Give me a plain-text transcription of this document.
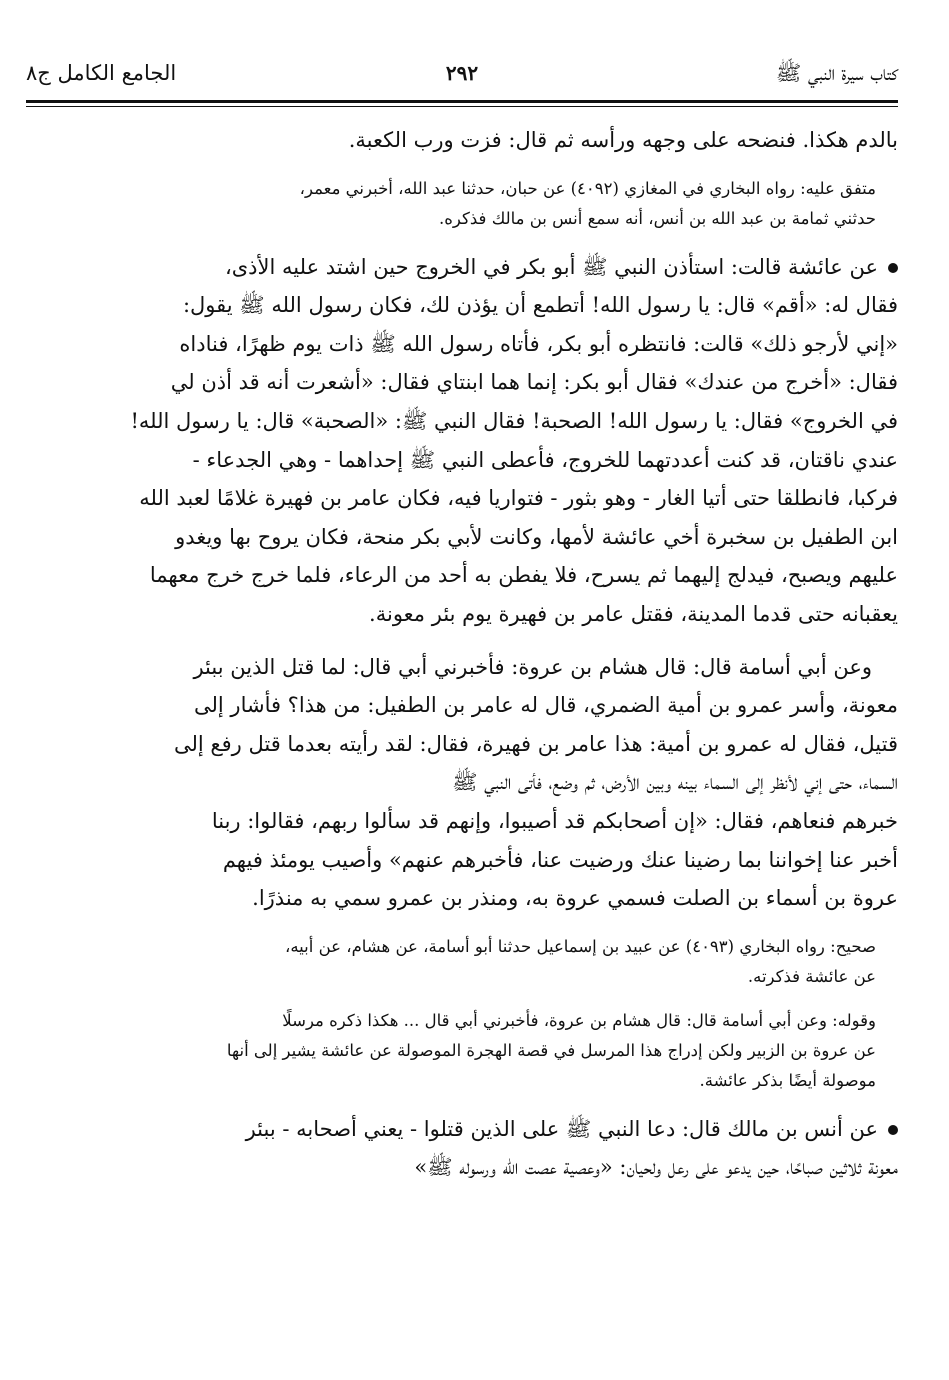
كتاب سيرة النبي ﷺ
٢٩٢
الجامع الكامل ج٨
بالدم هكذا. فنضحه على وجهه ورأسه ثم قال: فزت ورب الكعبة.
متفق عليه: رواه البخاري في المغازي (٤٠٩٢) عن حبان، حدثنا عبد الله، أخبرني معمر،
حدثني ثمامة بن عبد الله بن أنس، أنه سمع أنس بن مالك فذكره.
عن عائشة قالت: استأذن النبي ﷺ أبو بكر في الخروج حين اشتد عليه الأذى،
فقال له: «أقم» قال: يا رسول الله! أتطمع أن يؤذن لك، فكان رسول الله ﷺ يقول:
«إني لأرجو ذلك» قالت: فانتظره أبو بكر، فأتاه رسول الله ﷺ ذات يوم ظهرًا، فناداه
فقال: «أخرج من عندك» فقال أبو بكر: إنما هما ابنتاي فقال: «أشعرت أنه قد أذن لي
في الخروج» فقال: يا رسول الله! الصحبة! فقال النبي ﷺ: «الصحبة» قال: يا رسول الله!
عندي ناقتان، قد كنت أعددتهما للخروج، فأعطى النبي ﷺ إحداهما - وهي الجدعاء -
فركبا، فانطلقا حتى أتيا الغار - وهو بثور - فتواريا فيه، فكان عامر بن فهيرة غلامًا لعبد الله
ابن الطفيل بن سخبرة أخي عائشة لأمها، وكانت لأبي بكر منحة، فكان يروح بها ويغدو
عليهم ويصبح، فيدلج إليهما ثم يسرح، فلا يفطن به أحد من الرعاء، فلما خرج خرج معهما
يعقبانه حتى قدما المدينة، فقتل عامر بن فهيرة يوم بئر معونة.
وعن أبي أسامة قال: قال هشام بن عروة: فأخبرني أبي قال: لما قتل الذين ببئر
معونة، وأسر عمرو بن أمية الضمري، قال له عامر بن الطفيل: من هذا؟ فأشار إلى
قتيل، فقال له عمرو بن أمية: هذا عامر بن فهيرة، فقال: لقد رأيته بعدما قتل رفع إلى
السماء، حتى إني لأنظر إلى السماء بينه وبين الأرض، ثم وضع، فأتى النبي ﷺ
خبرهم فنعاهم، فقال: «إن أصحابكم قد أصيبوا، وإنهم قد سألوا ربهم، فقالوا: ربنا
أخبر عنا إخواننا بما رضينا عنك ورضيت عنا، فأخبرهم عنهم» وأصيب يومئذ فيهم
عروة بن أسماء بن الصلت فسمي عروة به، ومنذر بن عمرو سمي به منذرًا.
صحيح: رواه البخاري (٤٠٩٣) عن عبيد بن إسماعيل حدثنا أبو أسامة، عن هشام، عن أبيه،
عن عائشة فذكرته.
وقوله: وعن أبي أسامة قال: قال هشام بن عروة، فأخبرني أبي قال ... هكذا ذكره مرسلًا
عن عروة بن الزبير ولكن إدراج هذا المرسل في قصة الهجرة الموصولة عن عائشة يشير إلى أنها
موصولة أيضًا بذكر عائشة.
عن أنس بن مالك قال: دعا النبي ﷺ على الذين قتلوا - يعني أصحابه - ببئر
معونة ثلاثين صباحًا، حين يدعو على رعل ولحيان: «وعصية عصت الله ورسوله ﷺ»
